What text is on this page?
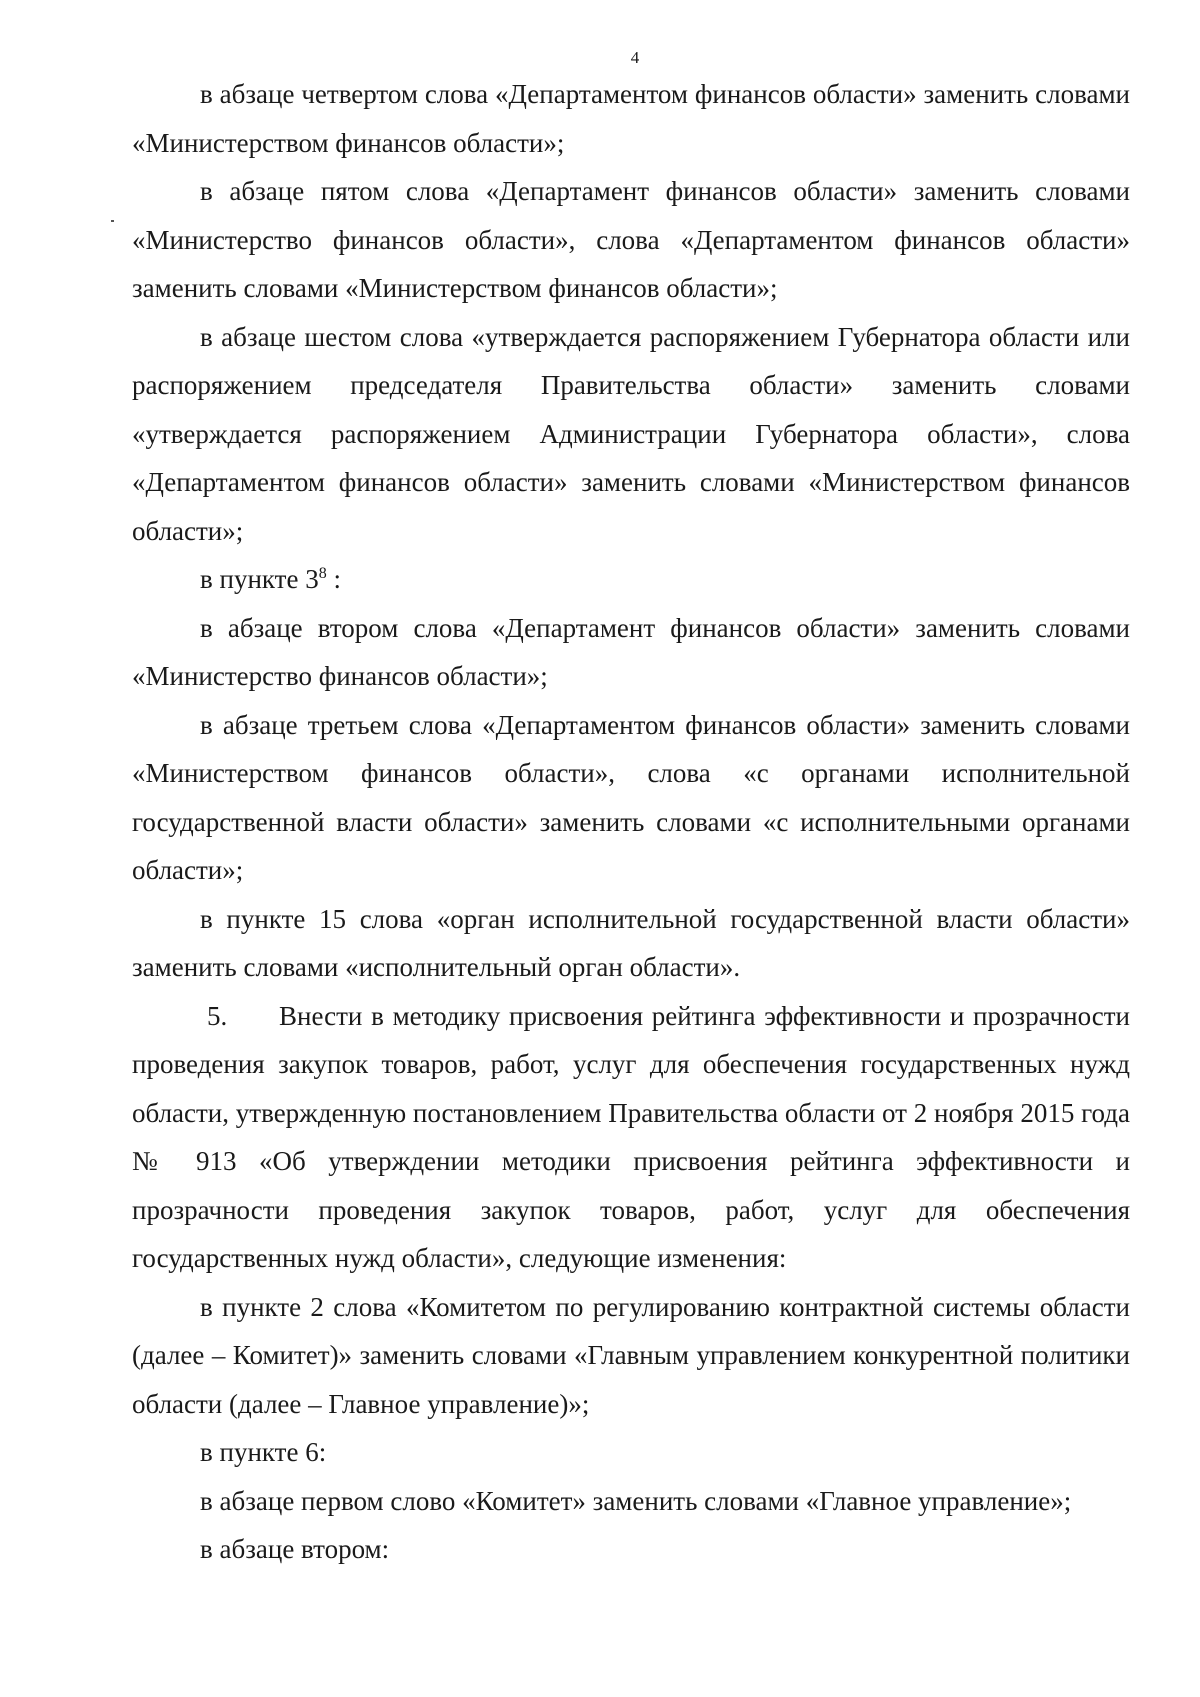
4

в абзаце четвертом слова «Департаментом финансов области» заменить словами «Министерством финансов области»;

в абзаце пятом слова «Департамент финансов области» заменить словами «Министерство финансов области», слова «Департаментом финансов области» заменить словами «Министерством финансов области»;

в абзаце шестом слова «утверждается распоряжением Губернатора области или распоряжением председателя Правительства области» заменить словами «утверждается распоряжением Администрации Губернатора области», слова «Департаментом финансов области» заменить словами «Министерством финансов области»;

в пункте $3^8$ :

в абзаце втором слова «Департамент финансов области» заменить словами «Министерство финансов области»;

в абзаце третьем слова «Департаментом финансов области» заменить словами «Министерством финансов области», слова «с органами исполнительной государственной власти области» заменить словами «с исполнительными органами области»;

в пункте 15 слова «орган исполнительной государственной власти области» заменить словами «исполнительный орган области».

5. Внести в методику присвоения рейтинга эффективности и прозрачности проведения закупок товаров, работ, услуг для обеспечения государственных нужд области, утвержденную постановлением Правительства области от 2 ноября 2015 года № 913 «Об утверждении методики присвоения рейтинга эффективности и прозрачности проведения закупок товаров, работ, услуг для обеспечения государственных нужд области», следующие изменения:

в пункте 2 слова «Комитетом по регулированию контрактной системы области (далее – Комитет)» заменить словами «Главным управлением конкурентной политики области (далее – Главное управление)»;

в пункте 6:

в абзаце первом слово «Комитет» заменить словами «Главное управление»;

в абзаце втором:
